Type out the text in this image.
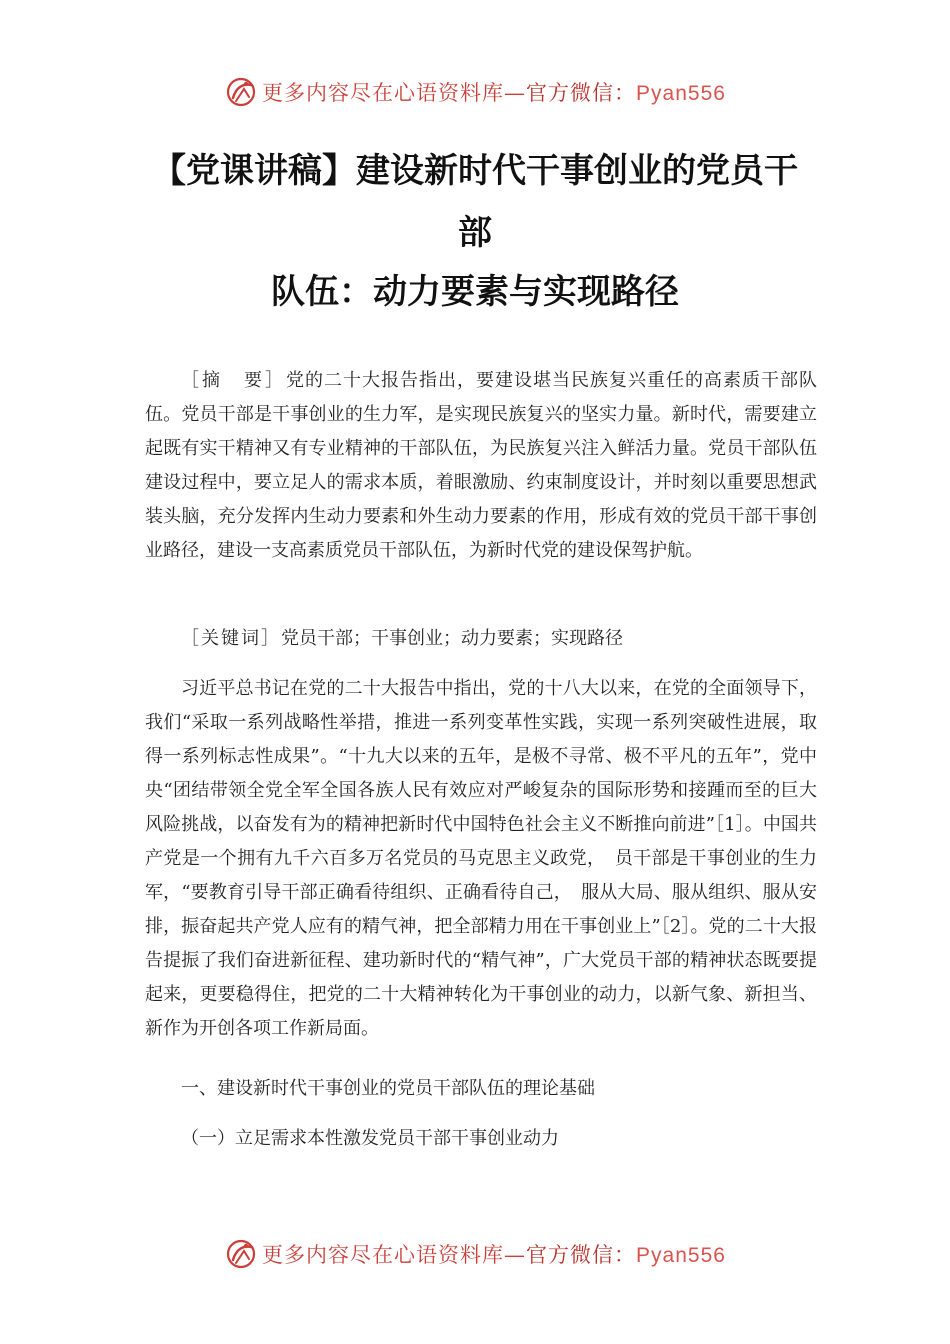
更多内容尽在心语资料库—官方微信：Pyan556
【党课讲稿】建设新时代干事创业的党员干
部
队伍：动力要素与实现路径

［摘　要］党的二十大报告指出，要建设堪当民族复兴重任的高素质干部队伍。党员干部是干事创业的生力军，是实现民族复兴的坚实力量。新时代，需要建立起既有实干精神又有专业精神的干部队伍，为民族复兴注入鲜活力量。党员干部队伍建设过程中，要立足人的需求本质，着眼激励、约束制度设计，并时刻以重要思想武装头脑，充分发挥内生动力要素和外生动力要素的作用，形成有效的党员干部干事创业路径，建设一支高素质党员干部队伍，为新时代党的建设保驾护航。

［关键词］党员干部；干事创业；动力要素；实现路径

习近平总书记在党的二十大报告中指出，党的十八大以来，在党的全面领导下，我们“采取一系列战略性举措，推进一系列变革性实践，实现一系列突破性进展，取得一系列标志性成果”。“十九大以来的五年，是极不寻常、极不平凡的五年”，党中央“团结带领全党全军全国各族人民有效应对严峻复杂的国际形势和接踵而至的巨大风险挑战，以奋发有为的精神把新时代中国特色社会主义不断推向前进”［1］。中国共产党是一个拥有九千六百多万名党员的马克思主义政党，　员干部是干事创业的生力军，“要教育引导干部正确看待组织、正确看待自己，　服从大局、服从组织、服从安排，振奋起共产党人应有的精气神，把全部精力用在干事创业上”［2］。党的二十大报告提振了我们奋进新征程、建功新时代的“精气神”，广大党员干部的精神状态既要提起来，更要稳得住，把党的二十大精神转化为干事创业的动力，以新气象、新担当、新作为开创各项工作新局面。

一、建设新时代干事创业的党员干部队伍的理论基础

（一）立足需求本性激发党员干部干事创业动力

更多内容尽在心语资料库—官方微信：Pyan556
